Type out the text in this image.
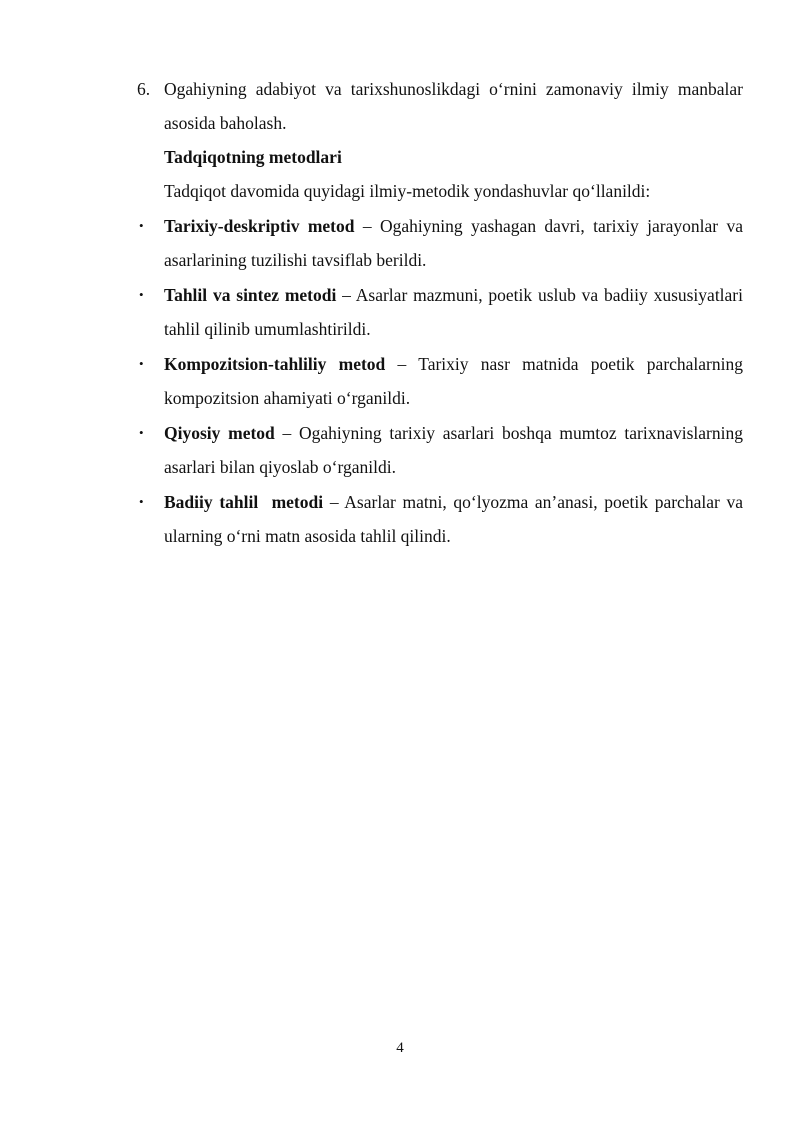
6. Ogahiyning adabiyot va tarixshunoslikdagi o‘rnini zamonaviy ilmiy manbalar asosida baholash.
Tadqiqotning metodlari
Tadqiqot davomida quyidagi ilmiy-metodik yondashuvlar qo‘llanildi:
• Tarixiy-deskriptiv metod – Ogahiyning yashagan davri, tarixiy jarayonlar va asarlarining tuzilishi tavsiflab berildi.
• Tahlil va sintez metodi – Asarlar mazmuni, poetik uslub va badiiy xususiyatlari tahlil qilinib umumlashtirildi.
• Kompozitsion-tahliliy metod – Tarixiy nasr matnida poetik parchalarning kompozitsion ahamiyati o‘rganildi.
• Qiyosiy metod – Ogahiyning tarixiy asarlari boshqa mumtoz tarixnavislarning asarlari bilan qiyoslab o‘rganildi.
• Badiiy tahlil  metodi – Asarlar matni, qo‘lyozma an’anasi, poetik parchalar va ularning o‘rni matn asosida tahlil qilindi.
4
